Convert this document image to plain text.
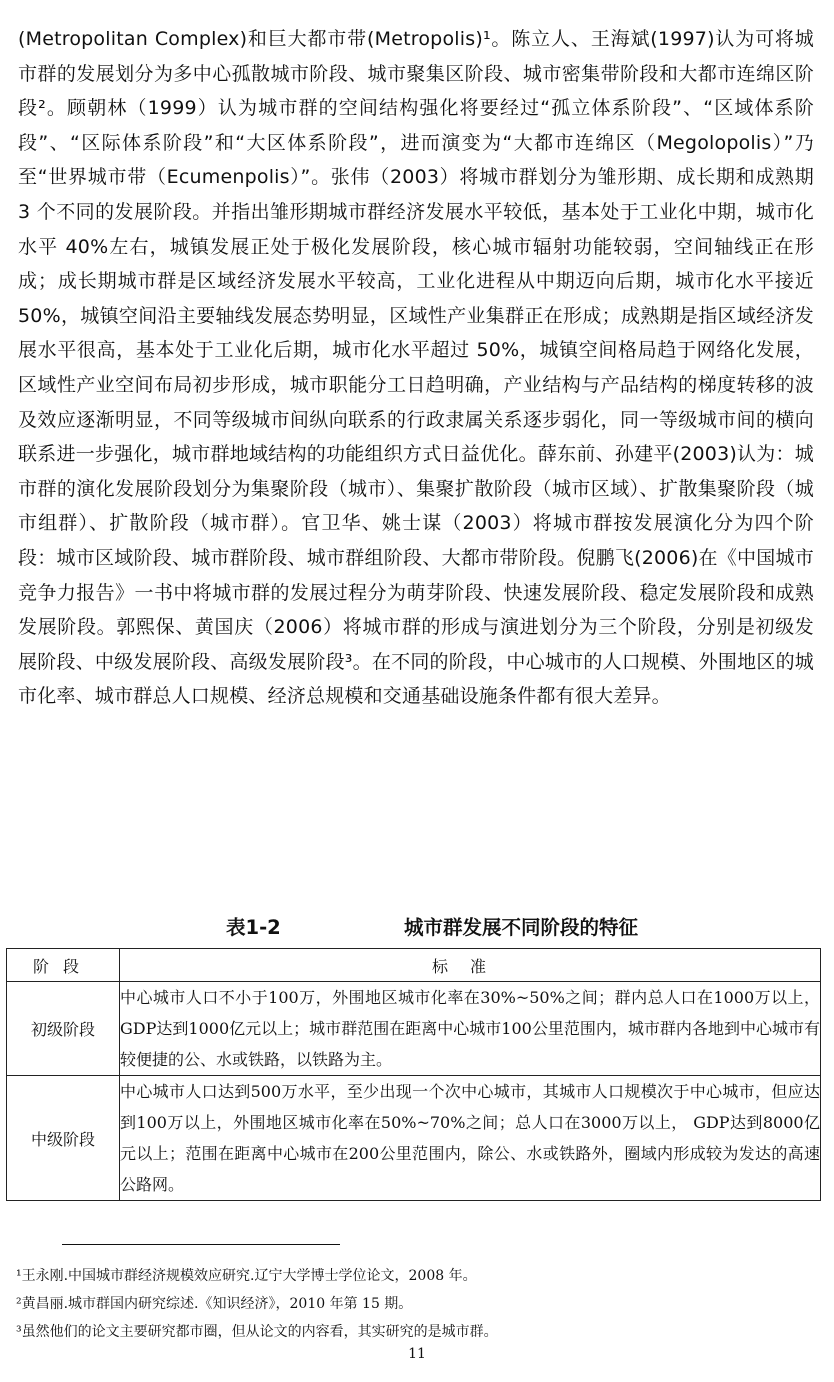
(Metropolitan Complex)和巨大都市带(Metropolis)¹。陈立人、王海斌(1997)认为可将城市群的发展划分为多中心孤散城市阶段、城市聚集区阶段、城市密集带阶段和大都市连绵区阶段²。顾朝林（1999）认为城市群的空间结构强化将要经过“孤立体系阶段”、“区域体系阶段”、“区际体系阶段”和“大区体系阶段”，进而演变为“大都市连绵区（Megolopolis）”乃至“世界城市带（Ecumenpolis）”。张伟（2003）将城市群划分为雏形期、成长期和成熟期 3 个不同的发展阶段。并指出雏形期城市群经济发展水平较低，基本处于工业化中期，城市化水平 40%左右，城镇发展正处于极化发展阶段，核心城市辐射功能较弱，空间轴线正在形成；成长期城市群是区域经济发展水平较高，工业化进程从中期迈向后期，城市化水平接近 50%，城镇空间沿主要轴线发展态势明显，区域性产业集群正在形成；成熟期是指区域经济发展水平很高，基本处于工业化后期，城市化水平超过 50%，城镇空间格局趋于网络化发展，区域性产业空间布局初步形成，城市职能分工日趋明确，产业结构与产品结构的梯度转移的波及效应逐渐明显，不同等级城市间纵向联系的行政隶属关系逐步弱化，同一等级城市间的横向联系进一步强化，城市群地域结构的功能组织方式日益优化。薛东前、孙建平(2003)认为：城市群的演化发展阶段划分为集聚阶段（城市）、集聚扩散阶段（城市区域）、扩散集聚阶段（城市组群）、扩散阶段（城市群）。官卫华、姚士谋（2003）将城市群按发展演化分为四个阶段：城市区域阶段、城市群阶段、城市群组阶段、大都市带阶段。倪鹏飞(2006)在《中国城市竞争力报告》一书中将城市群的发展过程分为萌芽阶段、快速发展阶段、稳定发展阶段和成熟发展阶段。郭熙保、黄国庆（2006）将城市群的形成与演进划分为三个阶段，分别是初级发展阶段、中级发展阶段、高级发展阶段³。在不同的阶段，中心城市的人口规模、外围地区的城市化率、城市群总人口规模、经济总规模和交通基础设施条件都有很大差异。

表1-2	城市群发展不同阶段的特征
阶段	标准
初级阶段	中心城市人口不小于100万，外围地区城市化率在30%~50%之间；群内总人口在1000万以上，GDP达到1000亿元以上；城市群范围在距离中心城市100公里范围内，城市群内各地到中心城市有较便捷的公、水或铁路，以铁路为主。
中级阶段	中心城市人口达到500万水平，至少出现一个次中心城市，其城市人口规模次于中心城市，但应达到100万以上，外围地区城市化率在50%~70%之间；总人口在3000万以上， GDP达到8000亿元以上；范围在距离中心城市在200公里范围内，除公、水或铁路外，圈域内形成较为发达的高速公路网。

¹王永刚.中国城市群经济规模效应研究.辽宁大学博士学位论文，2008 年。

²黄昌丽.城市群国内研究综述.《知识经济》，2010 年第 15 期。

³虽然他们的论文主要研究都市圈，但从论文的内容看，其实研究的是城市群。

11
